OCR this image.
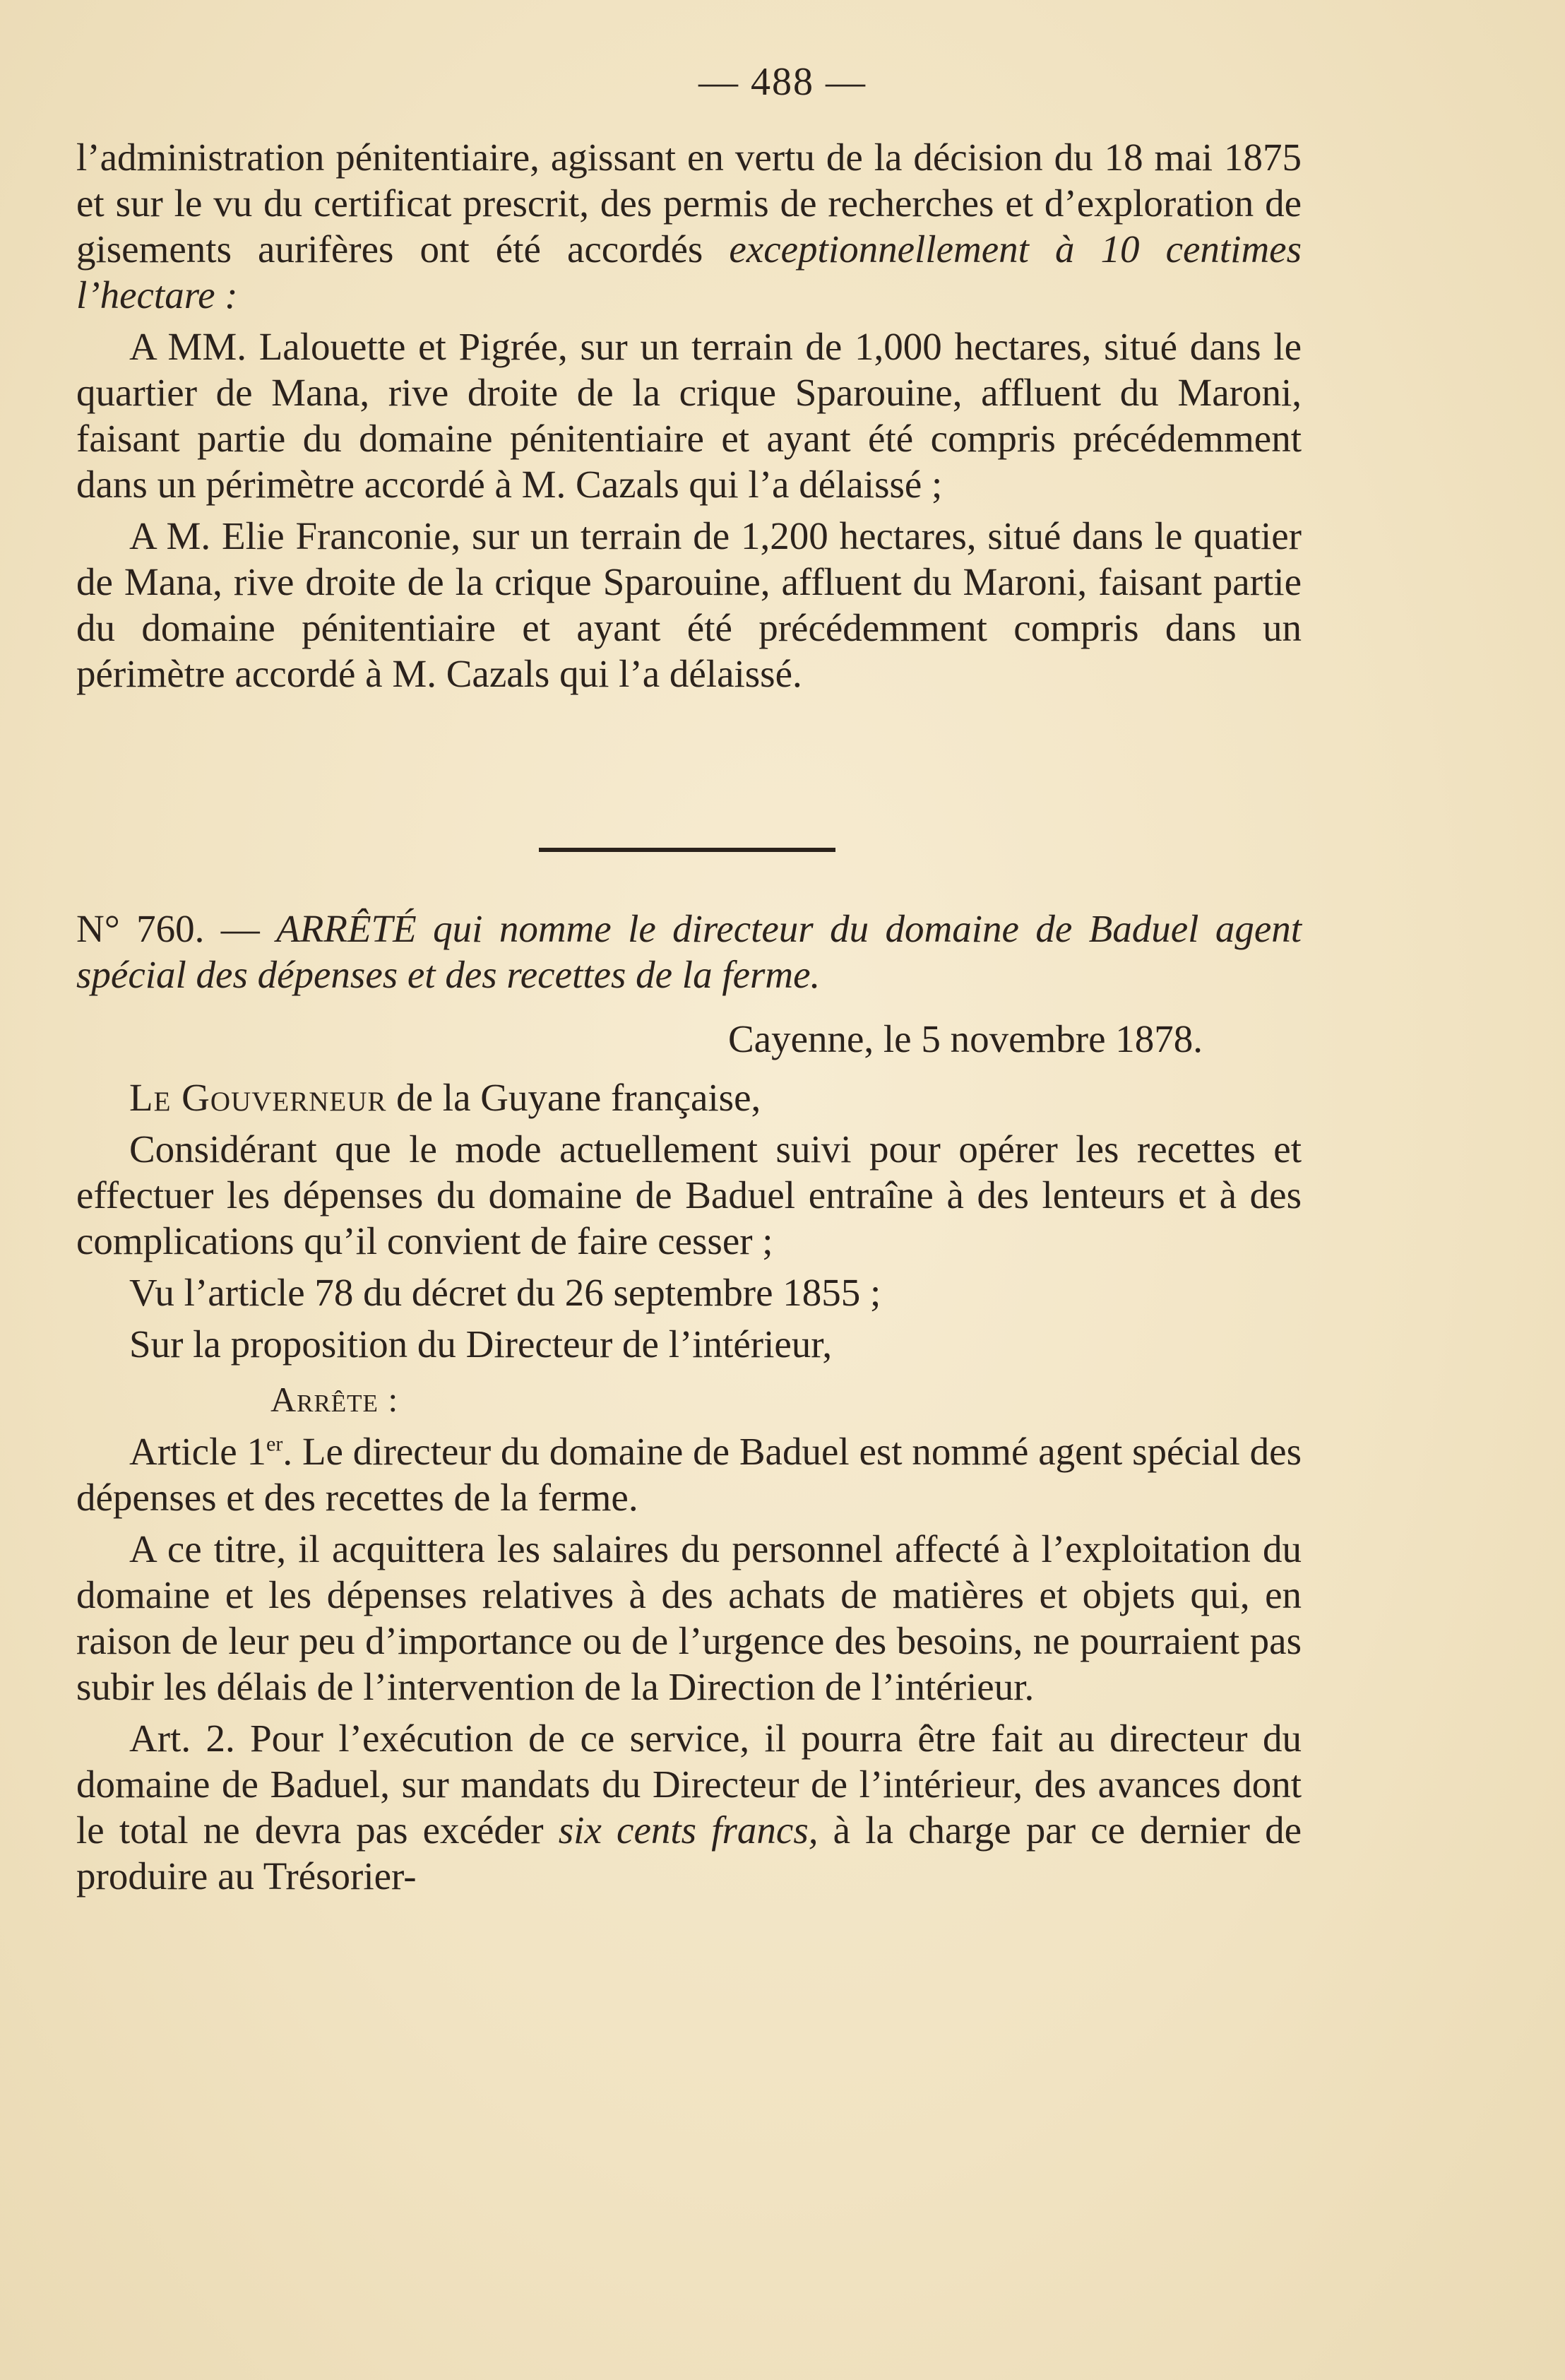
— 488 —

l’administration pénitentiaire, agissant en vertu de la décision du 18 mai 1875 et sur le vu du certificat prescrit, des permis de recherches et d’exploration de gisements aurifères ont été accordés exceptionnellement à 10 centimes l’hectare :

A MM. Lalouette et Pigrée, sur un terrain de 1,000 hectares, situé dans le quartier de Mana, rive droite de la crique Sparouine, affluent du Maroni, faisant partie du domaine pénitentiaire et ayant été compris précédemment dans un périmètre accordé à M. Cazals qui l’a délaissé ;

A M. Elie Franconie, sur un terrain de 1,200 hectares, situé dans le quatier de Mana, rive droite de la crique Sparouine, affluent du Maroni, faisant partie du domaine pénitentiaire et ayant été précédemment compris dans un périmètre accordé à M. Cazals qui l’a délaissé.

N° 760. — ARRÊTÉ qui nomme le directeur du domaine de Baduel agent spécial des dépenses et des recettes de la ferme.

Cayenne, le 5 novembre 1878.

Le Gouverneur de la Guyane française,

Considérant que le mode actuellement suivi pour opérer les recettes et effectuer les dépenses du domaine de Baduel entraîne à des lenteurs et à des complications qu’il convient de faire cesser ;

Vu l’article 78 du décret du 26 septembre 1855 ;

Sur la proposition du Directeur de l’intérieur,

Arrête :

Article 1er. Le directeur du domaine de Baduel est nommé agent spécial des dépenses et des recettes de la ferme.

A ce titre, il acquittera les salaires du personnel affecté à l’exploitation du domaine et les dépenses relatives à des achats de matières et objets qui, en raison de leur peu d’importance ou de l’urgence des besoins, ne pourraient pas subir les délais de l’intervention de la Direction de l’intérieur.

Art. 2. Pour l’exécution de ce service, il pourra être fait au directeur du domaine de Baduel, sur mandats du Directeur de l’intérieur, des avances dont le total ne devra pas excéder six cents francs, à la charge par ce dernier de produire au Trésorier-
